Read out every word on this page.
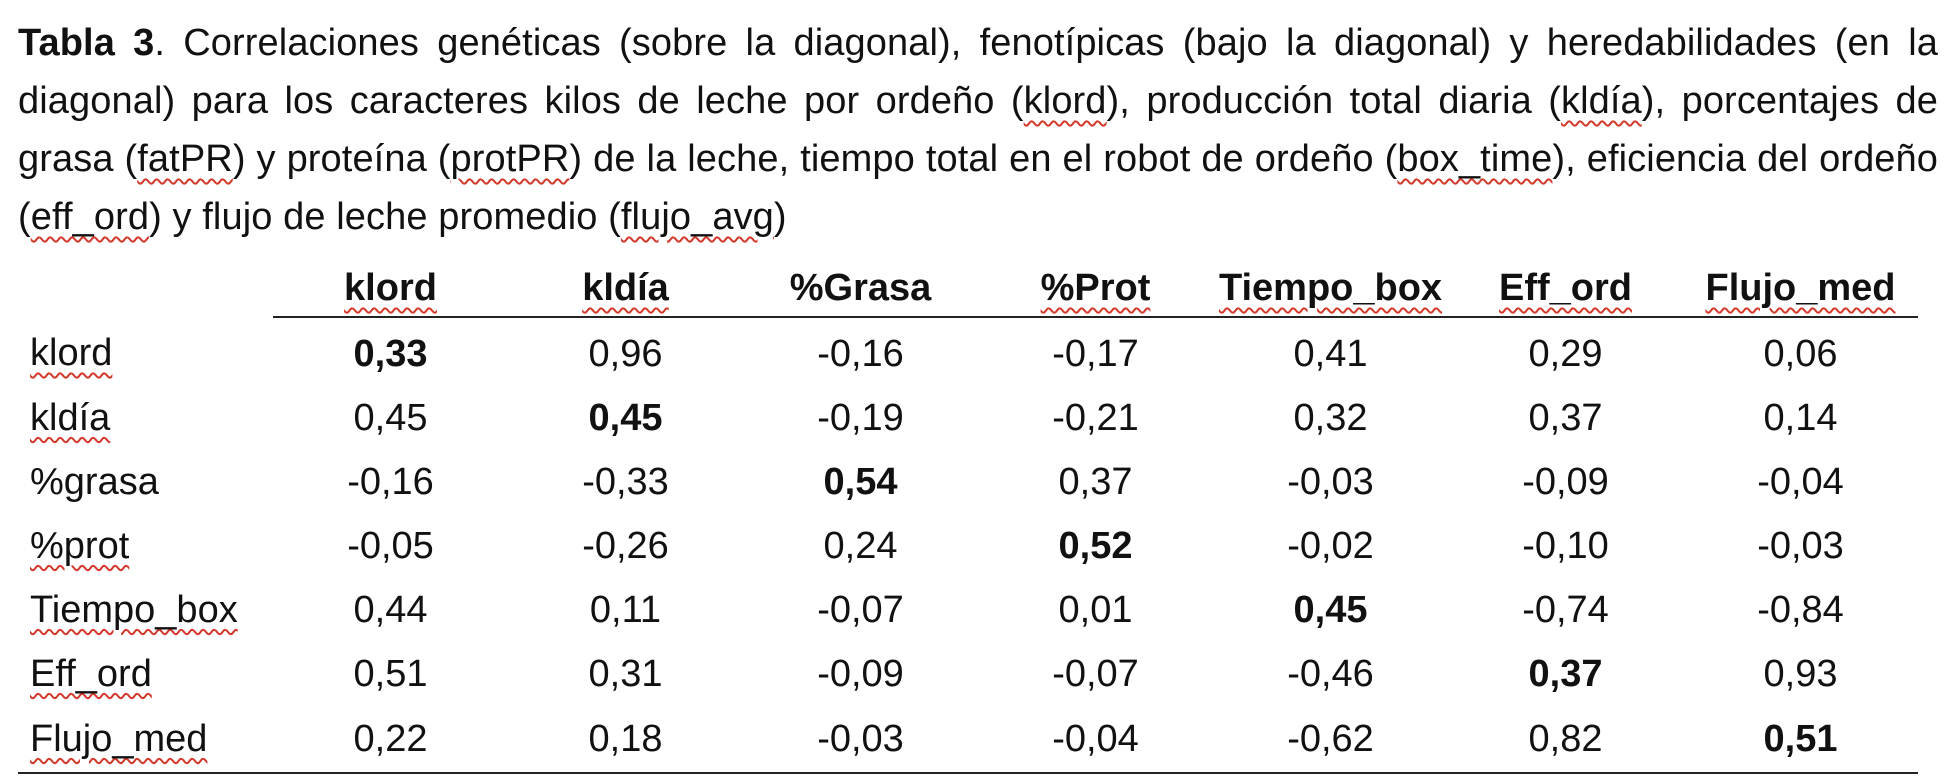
Tabla 3. Correlaciones genéticas (sobre la diagonal), fenotípicas (bajo la diagonal) y heredabilidades (en la diagonal) para los caracteres kilos de leche por ordeño (klord), producción total diaria (kldía), porcentajes de grasa (fatPR) y proteína (protPR) de la leche, tiempo total en el robot de ordeño (box_time), eficiencia del ordeño (eff_ord) y flujo de leche promedio (flujo_avg)

	klord	kldía	%Grasa	%Prot	Tiempo_box	Eff_ord	Flujo_med
klord	0,33	0,96	-0,16	-0,17	0,41	0,29	0,06
kldía	0,45	0,45	-0,19	-0,21	0,32	0,37	0,14
%grasa	-0,16	-0,33	0,54	0,37	-0,03	-0,09	-0,04
%prot	-0,05	-0,26	0,24	0,52	-0,02	-0,10	-0,03
Tiempo_box	0,44	0,11	-0,07	0,01	0,45	-0,74	-0,84
Eff_ord	0,51	0,31	-0,09	-0,07	-0,46	0,37	0,93
Flujo_med	0,22	0,18	-0,03	-0,04	-0,62	0,82	0,51
